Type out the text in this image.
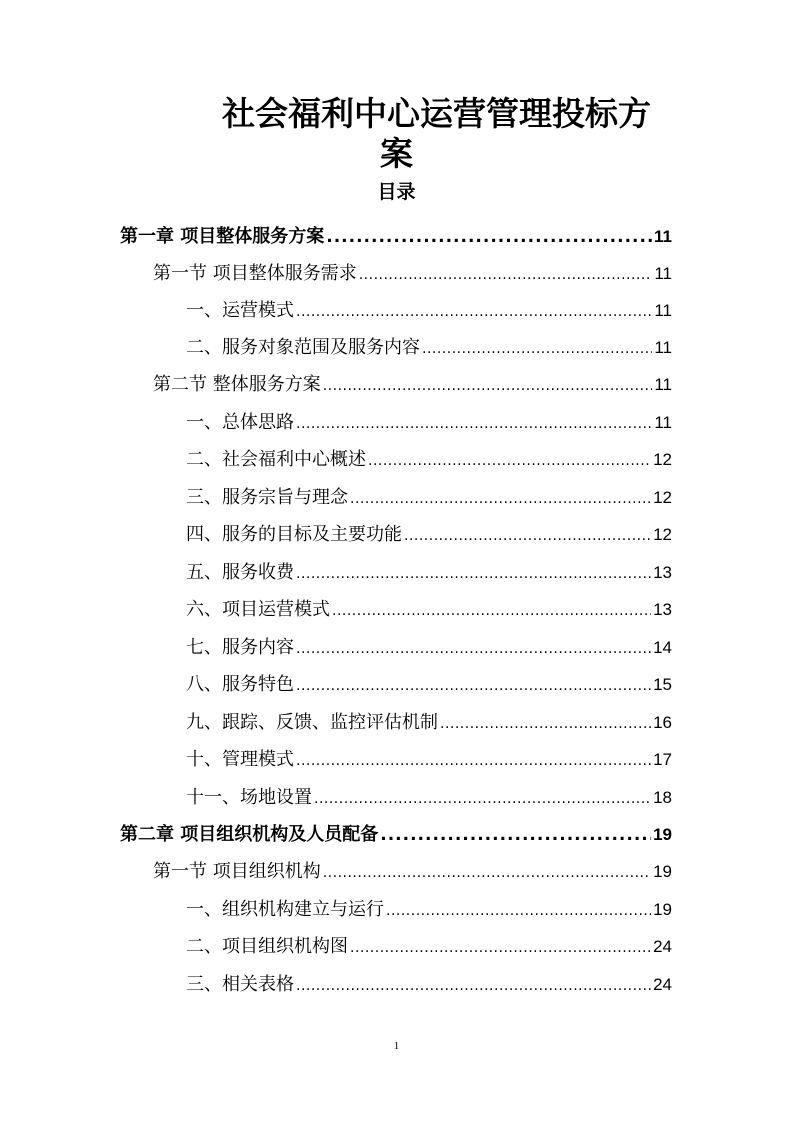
社会福利中心运营管理投标方
案
目录
第一章 项目整体服务方案 .....	11
第一节 项目整体服务需求 .....	11
一、运营模式 .....	11
二、服务对象范围及服务内容 .....	11
第二节 整体服务方案 .....	11
一、总体思路 .....	11
二、社会福利中心概述 .....	12
三、服务宗旨与理念 .....	12
四、服务的目标及主要功能 .....	12
五、服务收费 .....	13
六、项目运营模式 .....	13
七、服务内容 .....	14
八、服务特色 .....	15
九、跟踪、反馈、监控评估机制 .....	16
十、管理模式 .....	17
十一、场地设置 .....	18
第二章 项目组织机构及人员配备 .....	19
第一节 项目组织机构 .....	19
一、组织机构建立与运行 .....	19
二、项目组织机构图 .....	24
三、相关表格 .....	24
1
